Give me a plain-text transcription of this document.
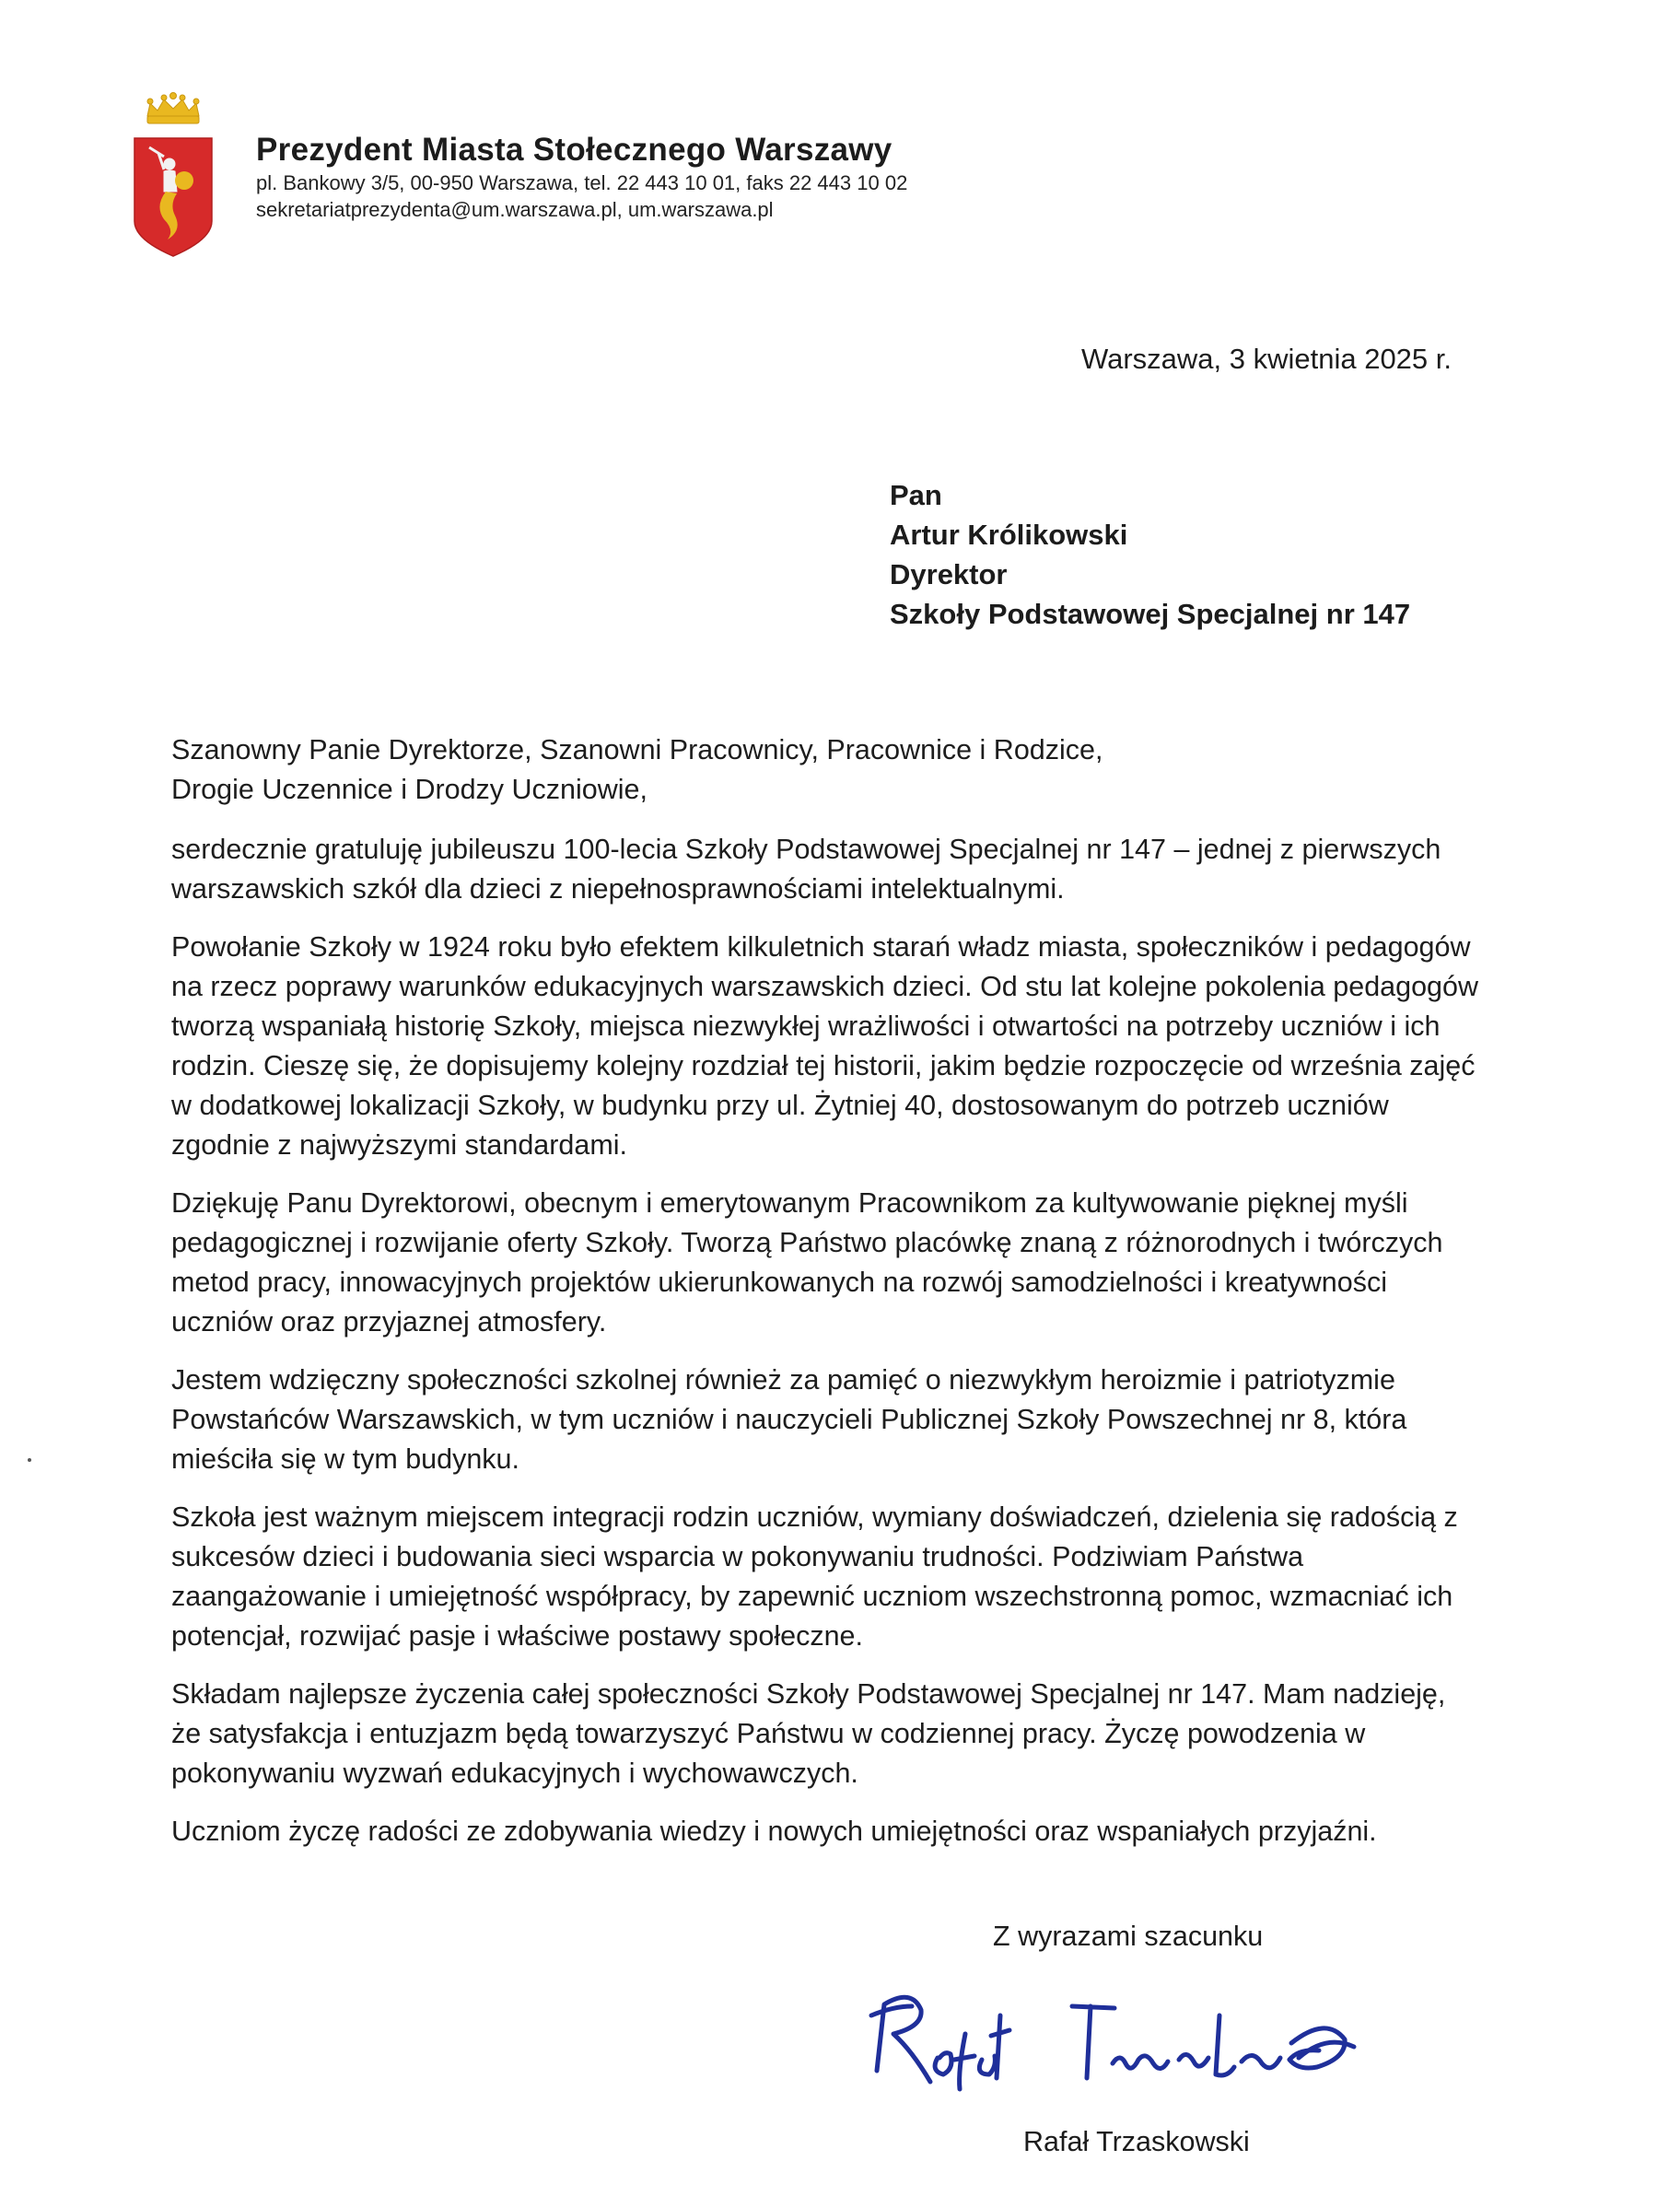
Prezydent Miasta Stołecznego Warszawy

pl. Bankowy 3/5, 00-950 Warszawa, tel. 22 443 10 01, faks 22 443 10 02

sekretariatprezydenta@um.warszawa.pl, um.warszawa.pl

Warszawa, 3 kwietnia 2025 r.

Pan

Artur Królikowski

Dyrektor

Szkoły Podstawowej Specjalnej nr 147

Szanowny Panie Dyrektorze, Szanowni Pracownicy, Pracownice i Rodzice,
Drogie Uczennice i Drodzy Uczniowie,

serdecznie gratuluję jubileuszu 100-lecia Szkoły Podstawowej Specjalnej nr 147 – jednej z pierwszych warszawskich szkół dla dzieci z niepełnosprawnościami intelektualnymi.

Powołanie Szkoły w 1924 roku było efektem kilkuletnich starań władz miasta, społeczników i pedagogów na rzecz poprawy warunków edukacyjnych warszawskich dzieci. Od stu lat kolejne pokolenia pedagogów tworzą wspaniałą historię Szkoły, miejsca niezwykłej wrażliwości i otwartości na potrzeby uczniów i ich rodzin. Cieszę się, że dopisujemy kolejny rozdział tej historii, jakim będzie rozpoczęcie od września zajęć w dodatkowej lokalizacji Szkoły, w budynku przy ul. Żytniej 40, dostosowanym do potrzeb uczniów zgodnie z najwyższymi standardami.

Dziękuję Panu Dyrektorowi, obecnym i emerytowanym Pracownikom za kultywowanie pięknej myśli pedagogicznej i rozwijanie oferty Szkoły. Tworzą Państwo placówkę znaną z różnorodnych i twórczych metod pracy, innowacyjnych projektów ukierunkowanych na rozwój samodzielności i kreatywności uczniów oraz przyjaznej atmosfery.

Jestem wdzięczny społeczności szkolnej również za pamięć o niezwykłym heroizmie i patriotyzmie Powstańców Warszawskich, w tym uczniów i nauczycieli Publicznej Szkoły Powszechnej nr 8, która mieściła się w tym budynku.

Szkoła jest ważnym miejscem integracji rodzin uczniów, wymiany doświadczeń, dzielenia się radością z sukcesów dzieci i budowania sieci wsparcia w pokonywaniu trudności. Podziwiam Państwa zaangażowanie i umiejętność współpracy, by zapewnić uczniom wszechstronną pomoc, wzmacniać ich potencjał, rozwijać pasje i właściwe postawy społeczne.

Składam najlepsze życzenia całej społeczności Szkoły Podstawowej Specjalnej nr 147. Mam nadzieję, że satysfakcja i entuzjazm będą towarzyszyć Państwu w codziennej pracy. Życzę powodzenia w pokonywaniu wyzwań edukacyjnych i wychowawczych.

Uczniom życzę radości ze zdobywania wiedzy i nowych umiejętności oraz wspaniałych przyjaźni.

Z wyrazami szacunku
Rafał Trzaskowski
